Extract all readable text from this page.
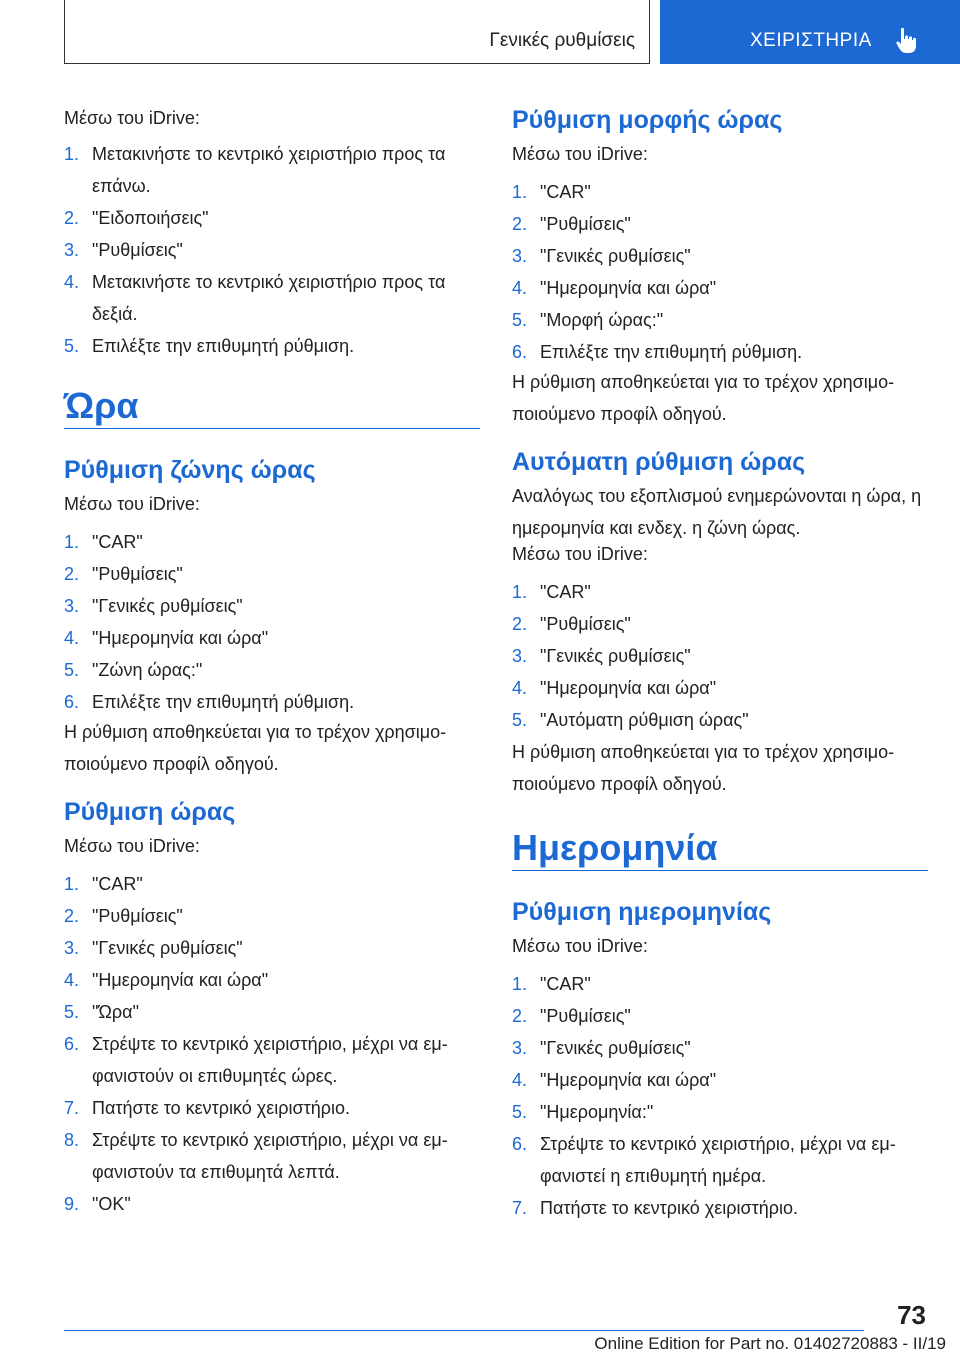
Γενικές ρυθμίσεις	ΧΕΙΡΙΣΤΗΡΙΑ

Μέσω του iDrive:

1. Μετακινήστε το κεντρικό χειριστήριο προς τα επάνω.
2. "Ειδοποιήσεις"
3. "Ρυθμίσεις"
4. Μετακινήστε το κεντρικό χειριστήριο προς τα δεξιά.
5. Επιλέξτε την επιθυμητή ρύθμιση.
Ώρα
Ρύθμιση ζώνης ώρας

Μέσω του iDrive:

1. "CAR"
2. "Ρυθμίσεις"
3. "Γενικές ρυθμίσεις"
4. "Ημερομηνία και ώρα"
5. "Ζώνη ώρας:"
6. Επιλέξτε την επιθυμητή ρύθμιση.

Η ρύθμιση αποθηκεύεται για το τρέχον χρησιμο‐ποιούμενο προφίλ οδηγού.

Ρύθμιση ώρας

Μέσω του iDrive:

1. "CAR"
2. "Ρυθμίσεις"
3. "Γενικές ρυθμίσεις"
4. "Ημερομηνία και ώρα"
5. "Ώρα"
6. Στρέψτε το κεντρικό χειριστήριο, μέχρι να εμ‐φανιστούν οι επιθυμητές ώρες.
7. Πατήστε το κεντρικό χειριστήριο.
8. Στρέψτε το κεντρικό χειριστήριο, μέχρι να εμ‐φανιστούν τα επιθυμητά λεπτά.
9. "OK"
Ρύθμιση μορφής ώρας

Μέσω του iDrive:

1. "CAR"
2. "Ρυθμίσεις"
3. "Γενικές ρυθμίσεις"
4. "Ημερομηνία και ώρα"
5. "Μορφή ώρας:"
6. Επιλέξτε την επιθυμητή ρύθμιση.

Η ρύθμιση αποθηκεύεται για το τρέχον χρησιμο‐ποιούμενο προφίλ οδηγού.

Αυτόματη ρύθμιση ώρας

Αναλόγως του εξοπλισμού ενημερώνονται η ώρα, η ημερομηνία και ενδεχ. η ζώνη ώρας.

Μέσω του iDrive:

1. "CAR"
2. "Ρυθμίσεις"
3. "Γενικές ρυθμίσεις"
4. "Ημερομηνία και ώρα"
5. "Αυτόματη ρύθμιση ώρας"

Η ρύθμιση αποθηκεύεται για το τρέχον χρησιμο‐ποιούμενο προφίλ οδηγού.

Ημερομηνία
Ρύθμιση ημερομηνίας

Μέσω του iDrive:

1. "CAR"
2. "Ρυθμίσεις"
3. "Γενικές ρυθμίσεις"
4. "Ημερομηνία και ώρα"
5. "Ημερομηνία:"
6. Στρέψτε το κεντρικό χειριστήριο, μέχρι να εμ‐φανιστεί η επιθυμητή ημέρα.
7. Πατήστε το κεντρικό χειριστήριο.
73
Online Edition for Part no. 01402720883 - II/19
